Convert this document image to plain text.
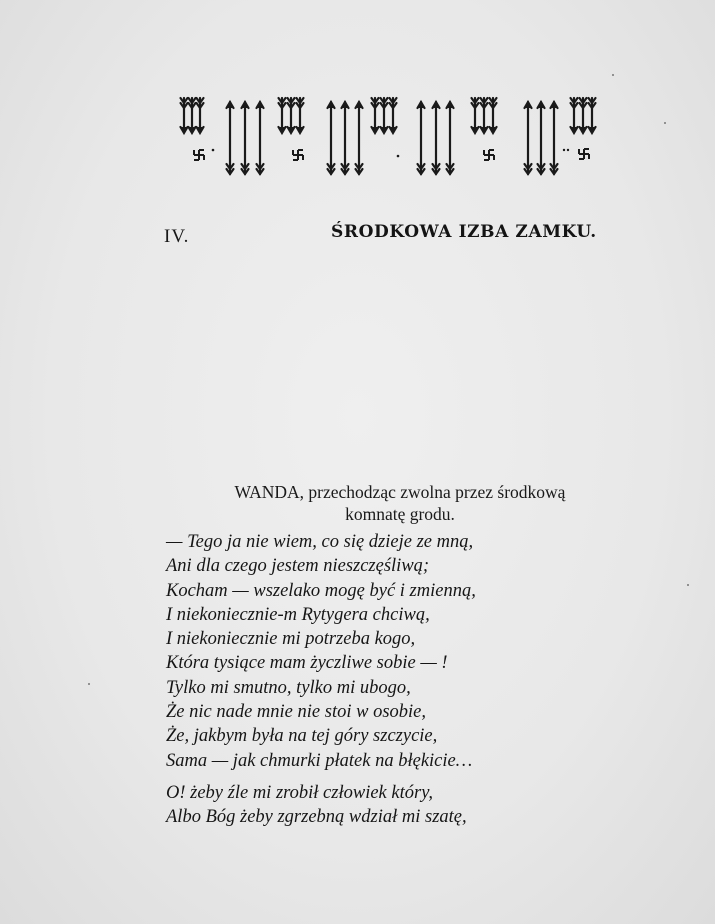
IV.	ŚRODKOWA IZBA ZAMKU.
WANDA, przechodząc zwolna przez środkową
komnatę grodu.
— Tego ja nie wiem, co się dzieje ze mną,
Ani dla czego jestem nieszczęśliwą;
Kocham — wszelako mogę być i zmienną,
I niekoniecznie-m Rytygera chciwą,
I niekoniecznie mi potrzeba kogo,
Która tysiące mam życzliwe sobie — !
Tylko mi smutno, tylko mi ubogo,
Że nic nade mnie nie stoi w osobie,
Że, jakbym była na tej góry szczycie,
Sama — jak chmurki płatek na błękicie…
O! żeby źle mi zrobił człowiek który,
Albo Bóg żeby zgrzebną wdział mi szatę,
